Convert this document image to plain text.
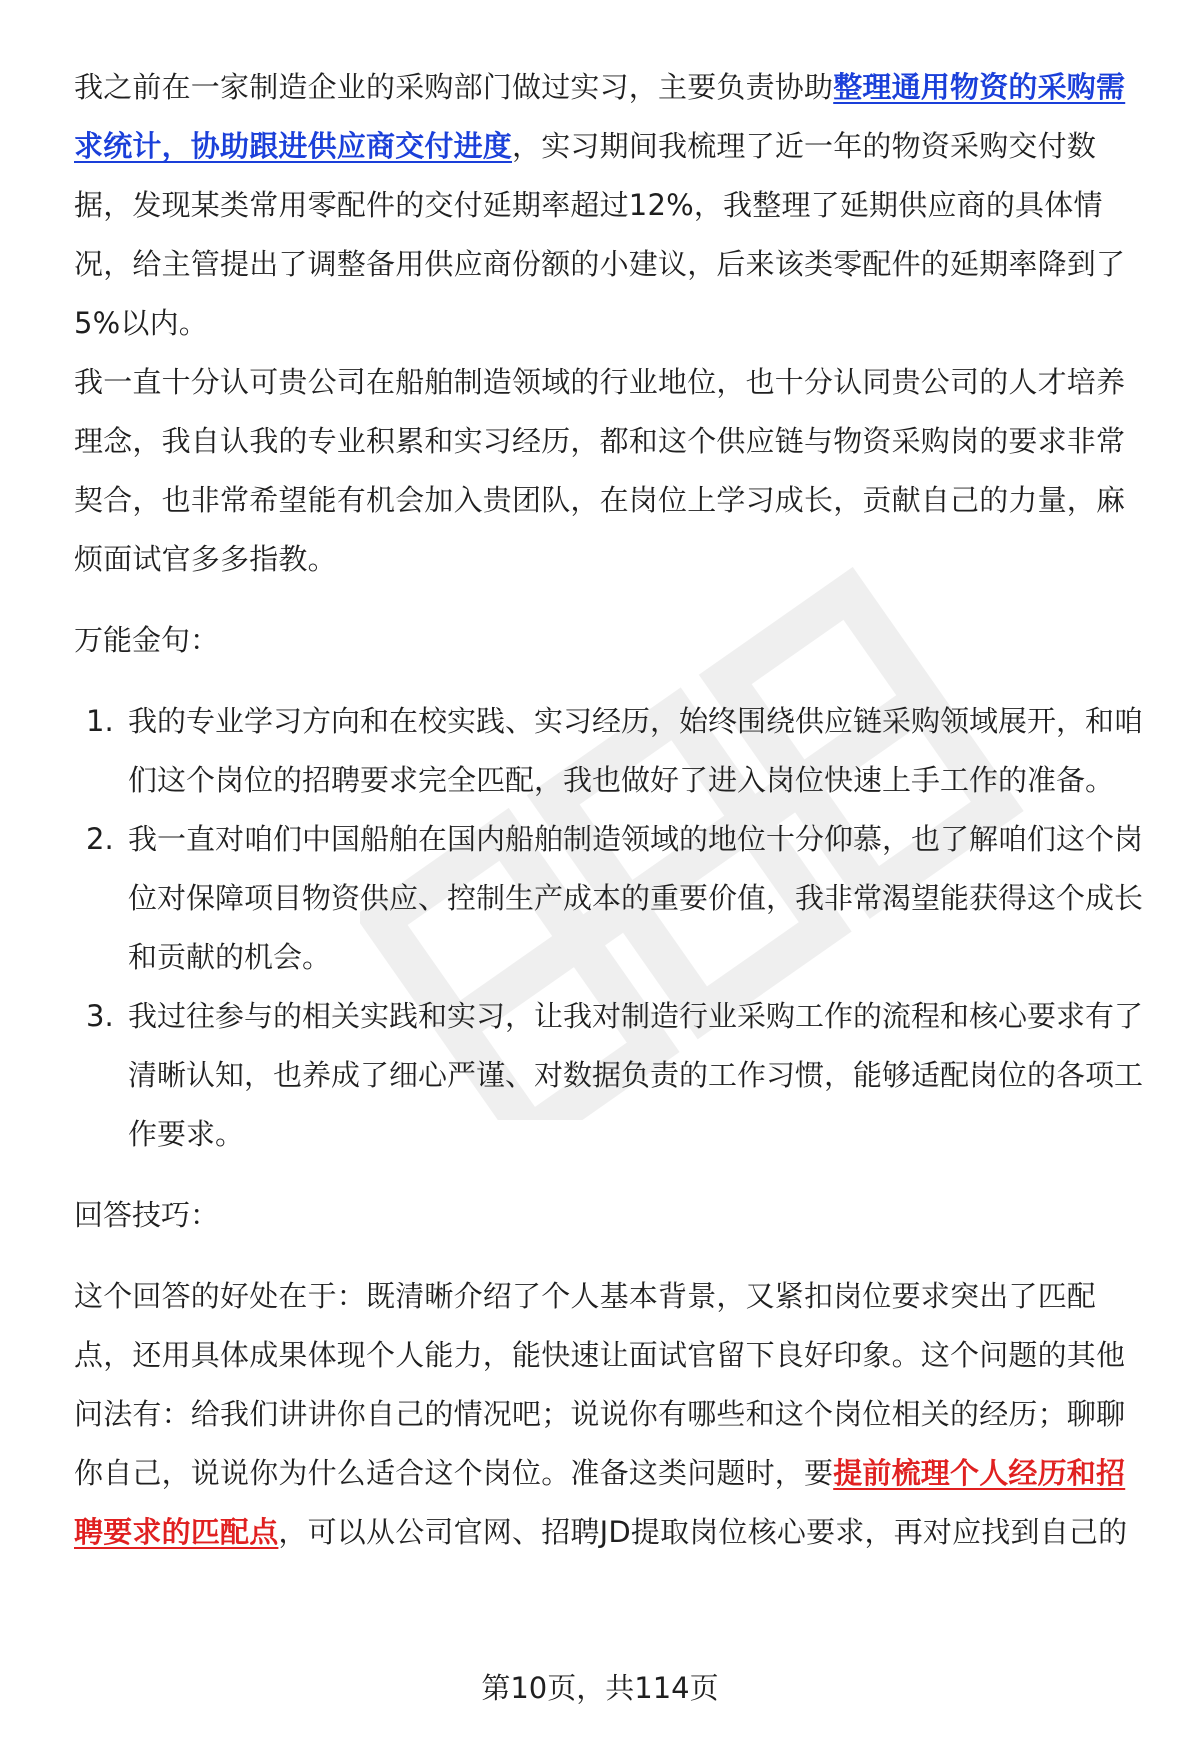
我之前在一家制造企业的采购部门做过实习，主要负责协助整理通用物资的采购需求统计，协助跟进供应商交付进度，实习期间我梳理了近一年的物资采购交付数据，发现某类常用零配件的交付延期率超过12%，我整理了延期供应商的具体情况，给主管提出了调整备用供应商份额的小建议，后来该类零配件的延期率降到了5%以内。

我一直十分认可贵公司在船舶制造领域的行业地位，也十分认同贵公司的人才培养理念，我自认我的专业积累和实习经历，都和这个供应链与物资采购岗的要求非常契合，也非常希望能有机会加入贵团队，在岗位上学习成长，贡献自己的力量，麻烦面试官多多指教。

万能金句：

1. 我的专业学习方向和在校实践、实习经历，始终围绕供应链采购领域展开，和咱们这个岗位的招聘要求完全匹配，我也做好了进入岗位快速上手工作的准备。
2. 我一直对咱们中国船舶在国内船舶制造领域的地位十分仰慕，也了解咱们这个岗位对保障项目物资供应、控制生产成本的重要价值，我非常渴望能获得这个成长和贡献的机会。
3. 我过往参与的相关实践和实习，让我对制造行业采购工作的流程和核心要求有了清晰认知，也养成了细心严谨、对数据负责的工作习惯，能够适配岗位的各项工作要求。

回答技巧：

这个回答的好处在于：既清晰介绍了个人基本背景，又紧扣岗位要求突出了匹配点，还用具体成果体现个人能力，能快速让面试官留下良好印象。这个问题的其他问法有：给我们讲讲你自己的情况吧；说说你有哪些和这个岗位相关的经历；聊聊你自己，说说你为什么适合这个岗位。准备这类问题时，要提前梳理个人经历和招聘要求的匹配点，可以从公司官网、招聘JD提取岗位核心要求，再对应找到自己的

第10页，共114页
